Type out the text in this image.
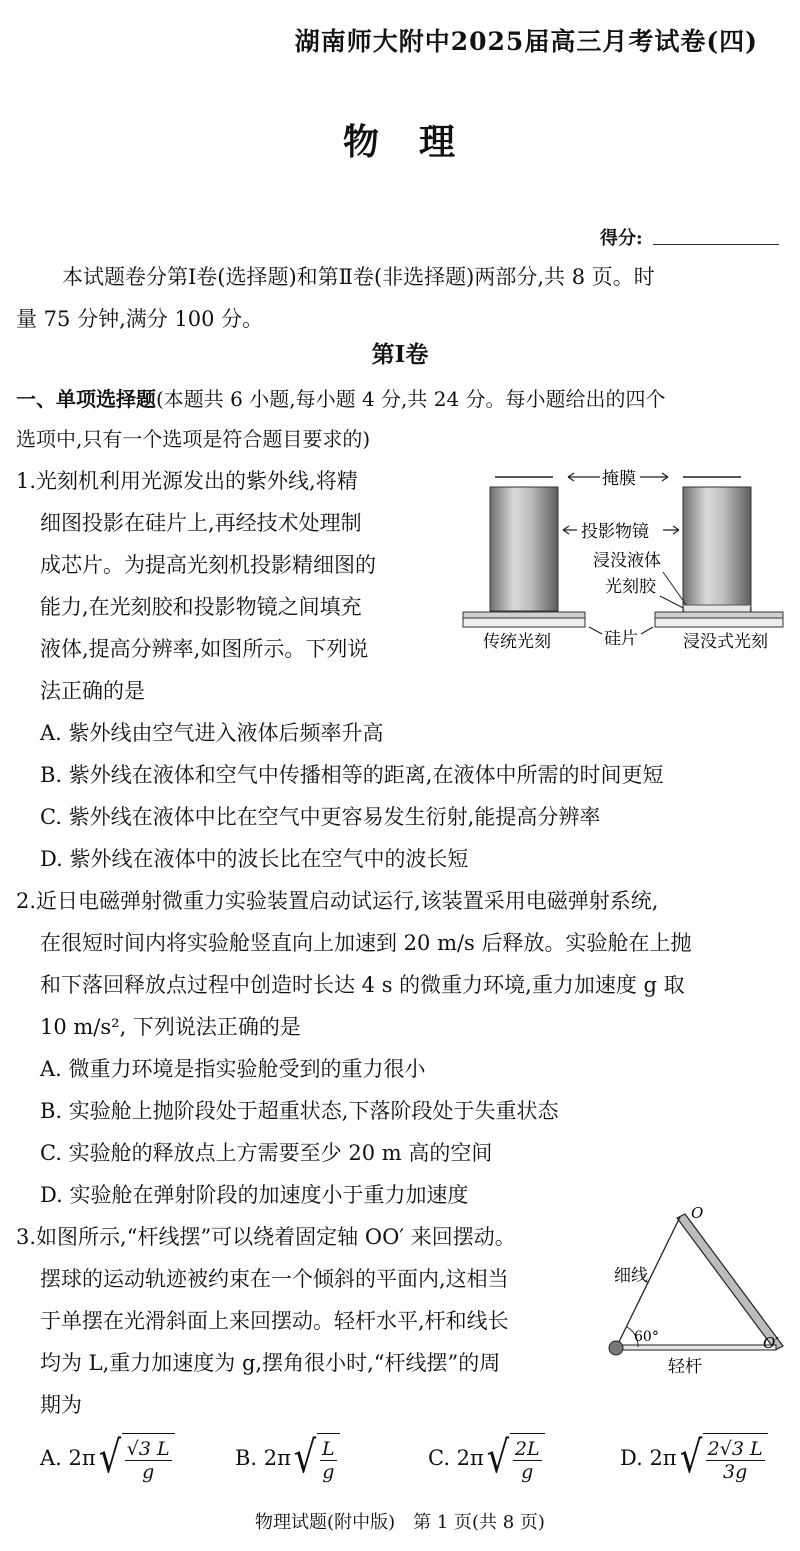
湖南师大附中2025届高三月考试卷(四)
物　理
得分:
本试题卷分第Ⅰ卷(选择题)和第Ⅱ卷(非选择题)两部分,共 8 页。时
量 75 分钟,满分 100 分。
第Ⅰ卷
一、单项选择题(本题共 6 小题,每小题 4 分,共 24 分。每小题给出的四个
选项中,只有一个选项是符合题目要求的)
1.光刻机利用光源发出的紫外线,将精
细图投影在硅片上,再经技术处理制
成芯片。为提高光刻机投影精细图的
能力,在光刻胶和投影物镜之间填充
液体,提高分辨率,如图所示。下列说
法正确的是
掩膜
投影物镜
浸没液体
光刻胶
硅片
传统光刻	浸没式光刻
A. 紫外线由空气进入液体后频率升高
B. 紫外线在液体和空气中传播相等的距离,在液体中所需的时间更短
C. 紫外线在液体中比在空气中更容易发生衍射,能提高分辨率
D. 紫外线在液体中的波长比在空气中的波长短
2.近日电磁弹射微重力实验装置启动试运行,该装置采用电磁弹射系统,
在很短时间内将实验舱竖直向上加速到 20 m/s 后释放。实验舱在上抛
和下落回释放点过程中创造时长达 4 s 的微重力环境,重力加速度 g 取
10 m/s², 下列说法正确的是
A. 微重力环境是指实验舱受到的重力很小
B. 实验舱上抛阶段处于超重状态,下落阶段处于失重状态
C. 实验舱的释放点上方需要至少 20 m 高的空间
D. 实验舱在弹射阶段的加速度小于重力加速度
3.如图所示,“杆线摆”可以绕着固定轴 OO′ 来回摆动。
摆球的运动轨迹被约束在一个倾斜的平面内,这相当
于单摆在光滑斜面上来回摆动。轻杆水平,杆和线长
均为 L,重力加速度为 g,摆角很小时,“杆线摆”的周
期为
60°
O
O′
细线
轻杆
A. 2π √ $\frac{√3 L}{g}$	B. 2π √ $\frac{L}{g}$	C. 2π √ $\frac{2L}{g}$	D. 2π √ $\frac{2√3 L}{3g}$
物理试题(附中版)　第 1 页(共 8 页)
